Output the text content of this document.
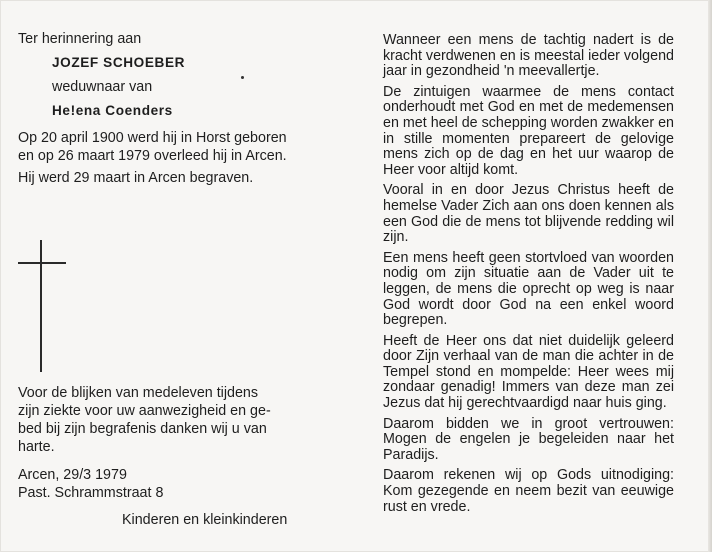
Ter herinnering aan
JOZEF SCHOEBER
weduwnaar van
He!ena Coenders
Op 20 april 1900 werd hij in Horst geboren
en op 26 maart 1979 overleed hij in Arcen.
Hij werd 29 maart in Arcen begraven.
Voor de blijken van medeleven tijdens
zijn ziekte voor uw aanwezigheid en ge-
bed bij zijn begrafenis danken wij u van
harte.
Arcen, 29/3 1979
Past. Schrammstraat 8
Kinderen en kleinkinderen

Wanneer een mens de tachtig nadert is de kracht verdwenen en is meestal ieder volgend jaar in gezondheid 'n meevallertje.

De zintuigen waarmee de mens contact onderhoudt met God en met de medemensen en met heel de schepping worden zwakker en in stille momenten prepareert de gelovige mens zich op de dag en het uur waarop de Heer voor altijd komt.

Vooral in en door Jezus Christus heeft de hemelse Vader Zich aan ons doen kennen als een God die de mens tot blijvende redding wil zijn.

Een mens heeft geen stortvloed van woorden nodig om zijn situatie aan de Vader uit te leggen, de mens die oprecht op weg is naar God wordt door God na een enkel woord begrepen.

Heeft de Heer ons dat niet duidelijk geleerd door Zijn verhaal van de man die achter in de Tempel stond en mompelde: Heer wees mij zondaar genadig! Immers van deze man zei Jezus dat hij gerechtvaardigd naar huis ging.

Daarom bidden we in groot vertrouwen: Mogen de engelen je begeleiden naar het Paradijs.

Daarom rekenen wij op Gods uitnodiging: Kom gezegende en neem bezit van eeuwige rust en vrede.
